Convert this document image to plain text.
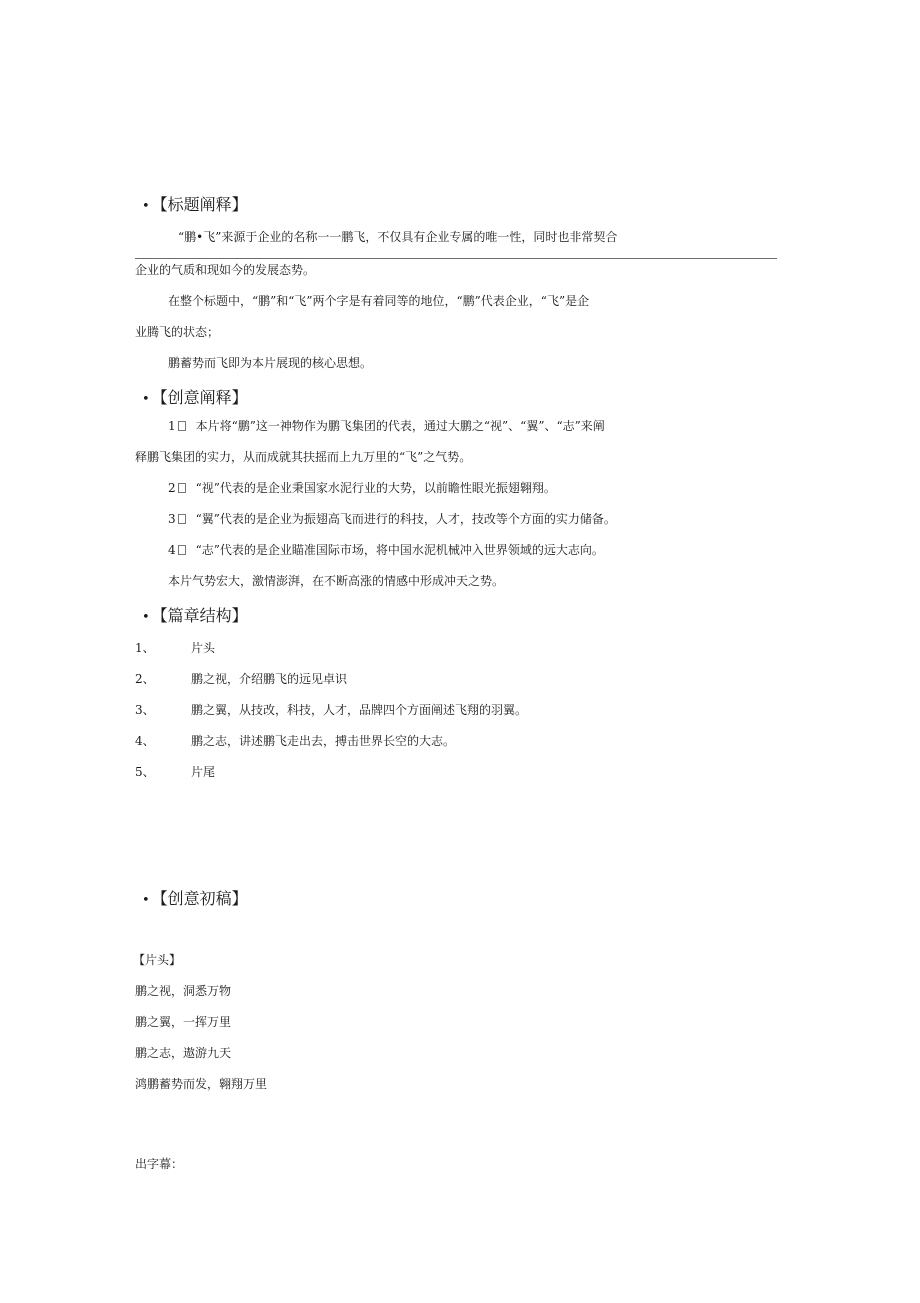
• 【标题阐释】
“鹏•飞”来源于企业的名称一一鹏飞，不仅具有企业专属的唯一性，同时也非常契合
企业的气质和现如今的发展态势。
在整个标题中，“鹏”和“飞”两个字是有着同等的地位，“鹏”代表企业，“飞”是企
业腾飞的状态；
鹏蓄势而飞即为本片展现的核心思想。
• 【创意阐释】
1 本片将“鹏”这一神物作为鹏飞集团的代表，通过大鹏之“视”、“翼”、“志”来阐
释鹏飞集团的实力，从而成就其扶摇而上九万里的“飞”之气势。
2 “视”代表的是企业秉国家水泥行业的大势，以前瞻性眼光振翅翱翔。
3 “翼”代表的是企业为振翅高飞而进行的科技，人才，技改等个方面的实力储备。
4 “志”代表的是企业瞄准国际市场，将中国水泥机械冲入世界领域的远大志向。
本片气势宏大，激情澎湃，在不断高涨的情感中形成冲天之势。
• 【篇章结构】
1、	片头
2、	鹏之视，介绍鹏飞的远见卓识
3、	鹏之翼，从技改，科技，人才，品牌四个方面阐述飞翔的羽翼。
4、	鹏之志，讲述鹏飞走出去，搏击世界长空的大志。
5、	片尾
• 【创意初稿】
【片头】
鹏之视，洞悉万物
鹏之翼，一挥万里
鹏之志，遨游九天
鸿鹏蓄势而发，翱翔万里
出字幕：
